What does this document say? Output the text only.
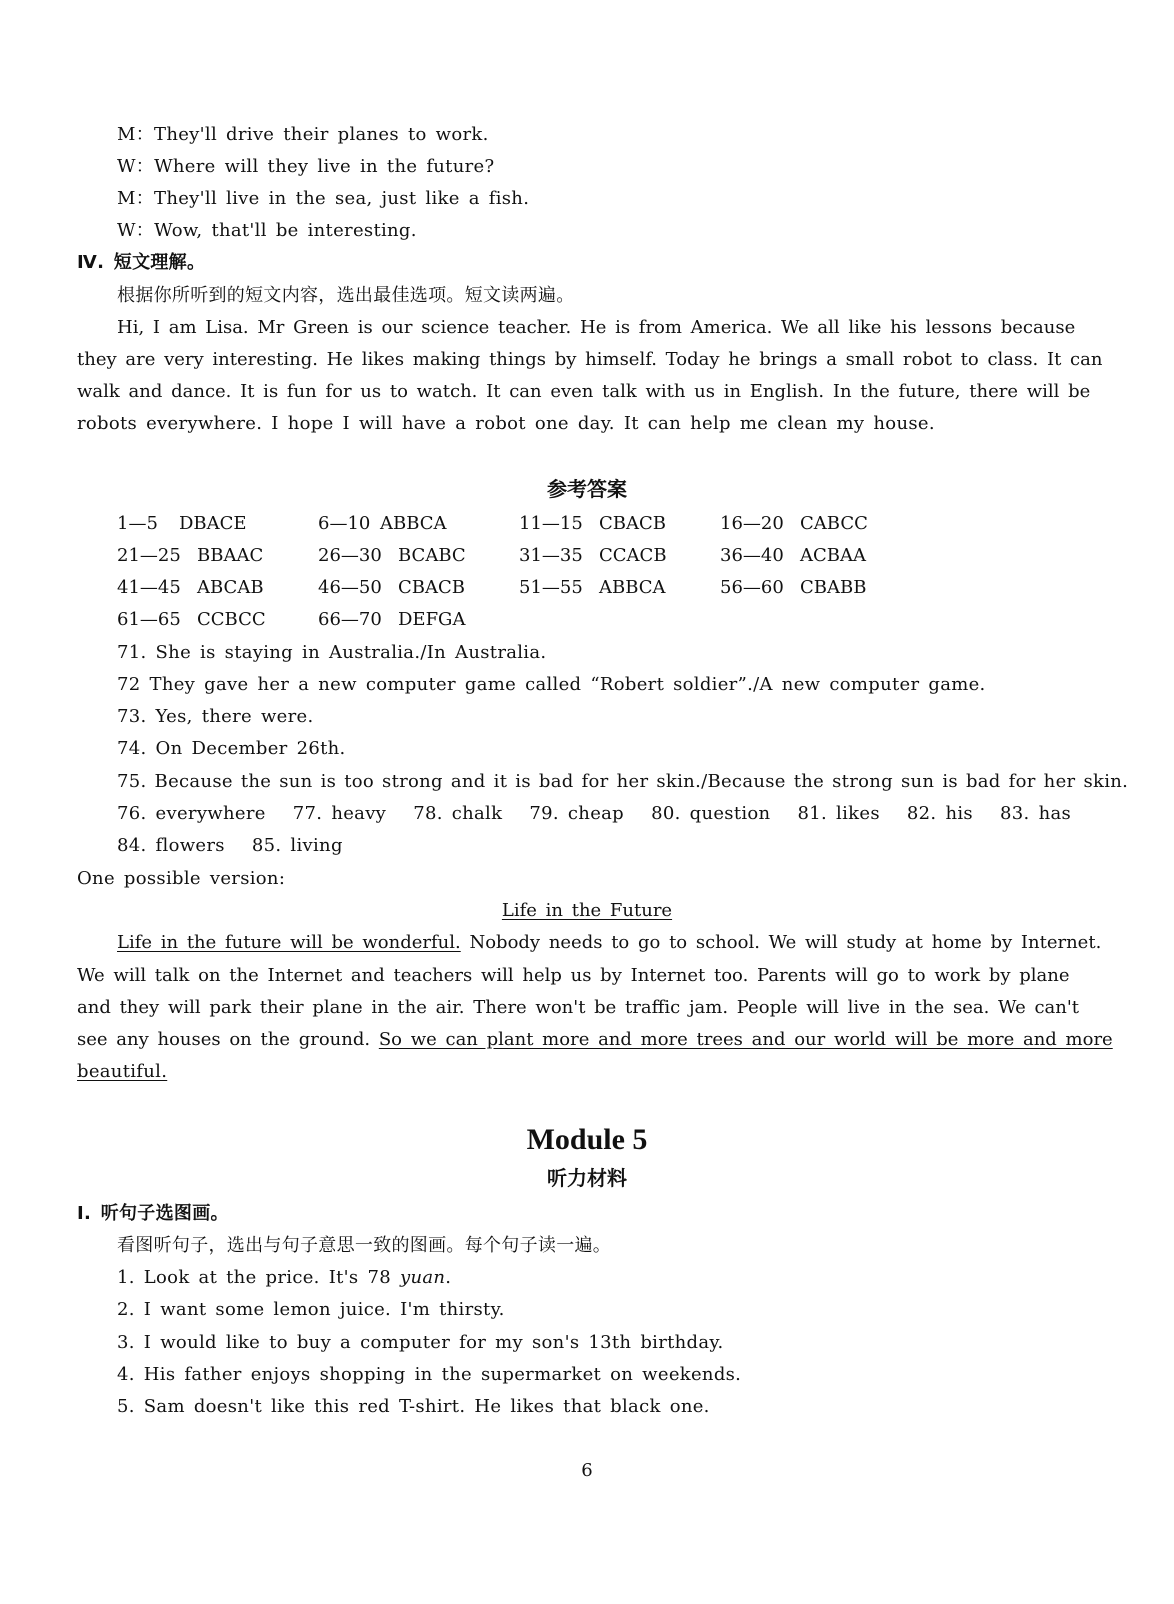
M：They'll drive their planes to work.
W：Where will they live in the future?
M：They'll live in the sea, just like a fish.
W：Wow, that'll be interesting.
Ⅳ. 短文理解。
根据你所听到的短文内容，选出最佳选项。短文读两遍。
Hi, I am Lisa. Mr Green is our science teacher. He is from America. We all like his lessons because
they are very interesting. He likes making things by himself. Today he brings a small robot to class. It can
walk and dance. It is fun for us to watch. It can even talk with us in English. In the future, there will be
robots everywhere. I hope I will have a robot one day. It can help me clean my house.
参考答案
1—5 DBACE	6—10 ABBCA	11—15 CBACB	16—20 CABCC
21—25 BBAAC	26—30 BCABC	31—35 CCACB	36—40 ACBAA
41—45 ABCAB	46—50 CBACB	51—55 ABBCA	56—60 CBABB
61—65 CCBCC	66—70 DEFGA
71. She is staying in Australia./In Australia.
72 They gave her a new computer game called “Robert soldier”./A new computer game.
73. Yes, there were.
74. On December 26th.
75. Because the sun is too strong and it is bad for her skin./Because the strong sun is bad for her skin.
76. everywhere   77. heavy   78. chalk   79. cheap   80. question   81. likes   82. his   83. has
84. flowers   85. living
One possible version:
Life in the Future
Life in the future will be wonderful. Nobody needs to go to school. We will study at home by Internet.
We will talk on the Internet and teachers will help us by Internet too. Parents will go to work by plane
and they will park their plane in the air. There won't be traffic jam. People will live in the sea. We can't
see any houses on the ground. So we can plant more and more trees and our world will be more and more
beautiful.
Module 5
听力材料
Ⅰ. 听句子选图画。
看图听句子，选出与句子意思一致的图画。每个句子读一遍。
1. Look at the price. It's 78 yuan.
2. I want some lemon juice. I'm thirsty.
3. I would like to buy a computer for my son's 13th birthday.
4. His father enjoys shopping in the supermarket on weekends.
5. Sam doesn't like this red T-shirt. He likes that black one.
6
